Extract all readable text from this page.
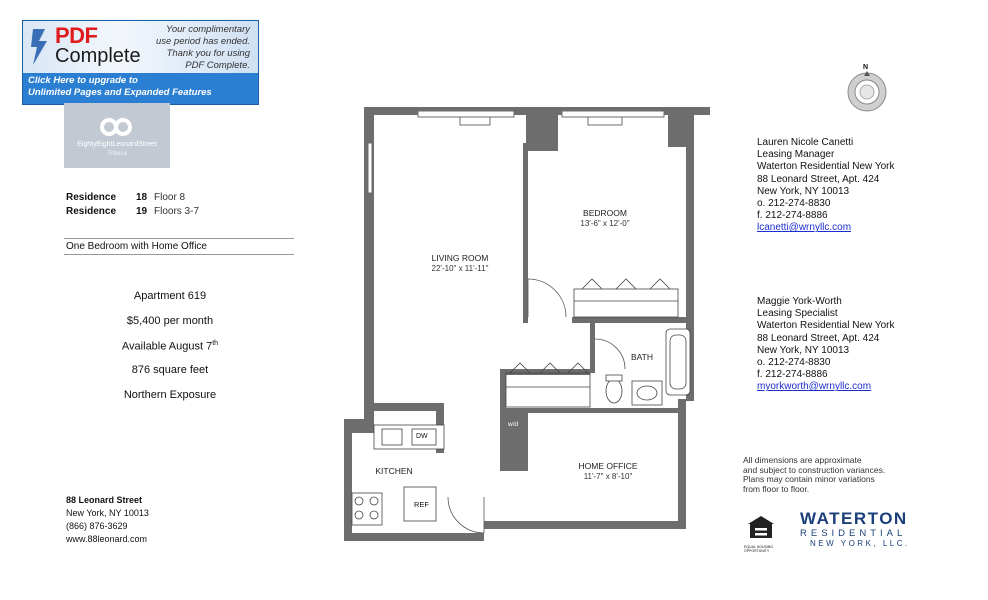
PDF
Complete
Your complimentary
use period has ended.
Thank you for using
PDF Complete.
Click Here to upgrade to
Unlimited Pages and Expanded Features
EightyEightLeonardStreet
Tribeca
Residence 18 Floor 8
Residence 19 Floors 3-7
One Bedroom with Home Office
Apartment 619
$5,400 per month
Available August 7th
876 square feet
Northern Exposure
88 Leonard Street
New York, NY 10013
(866) 876-3629
www.88leonard.com
N
Lauren Nicole Canetti
Leasing Manager
Waterton Residential New York
88 Leonard Street, Apt. 424
New York, NY 10013
o. 212-274-8830
f. 212-274-8886
lcanetti@wrnyllc.com
Maggie York-Worth
Leasing Specialist
Waterton Residential New York
88 Leonard Street, Apt. 424
New York, NY 10013
o. 212-274-8830
f. 212-274-8886
myorkworth@wrnyllc.com
All dimensions are approximate
and subject to construction variances.
Plans may contain minor variations
from floor to floor.
EQUAL HOUSING OPPORTUNITY
WATERTON
RESIDENTIAL
NEW YORK, LLC.
LIVING ROOM
22'-10" x 11'-11"
BEDROOM
13'-6" x 12'-0"
BATH
KITCHEN	HOME OFFICE
11'-7" x 8'-10"
DW
REF
w/d
